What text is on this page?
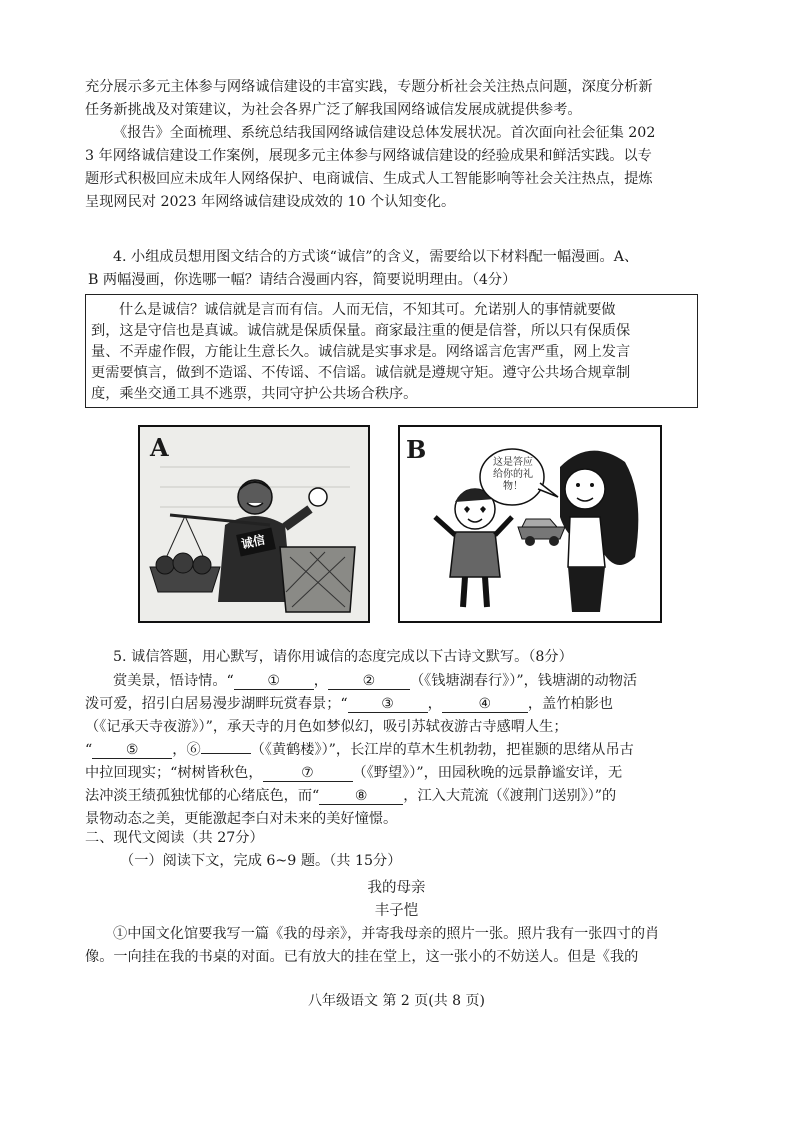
充分展示多元主体参与网络诚信建设的丰富实践，专题分析社会关注热点问题，深度分析新
任务新挑战及对策建议，为社会各界广泛了解我国网络诚信发展成就提供参考。
《报告》全面梳理、系统总结我国网络诚信建设总体发展状况。首次面向社会征集 202
3 年网络诚信建设工作案例，展现多元主体参与网络诚信建设的经验成果和鲜活实践。以专
题形式积极回应未成年人网络保护、电商诚信、生成式人工智能影响等社会关注热点，提炼
呈现网民对 2023 年网络诚信建设成效的 10 个认知变化。
4. 小组成员想用图文结合的方式谈“诚信”的含义，需要给以下材料配一幅漫画。A、
B 两幅漫画，你选哪一幅？请结合漫画内容，简要说明理由。（4分）
什么是诚信？诚信就是言而有信。人而无信，不知其可。允诺别人的事情就要做
到，这是守信也是真诚。诚信就是保质保量。商家最注重的便是信誉，所以只有保质保
量、不弄虚作假，方能让生意长久。诚信就是实事求是。网络谣言危害严重，网上发言
更需要慎言，做到不造谣、不传谣、不信谣。诚信就是遵规守矩。遵守公共场合规章制
度，乘坐交通工具不逃票，共同守护公共场合秩序。
A
诚信
B	这是答应给你的礼物！
5. 诚信答题，用心默写，请你用诚信的态度完成以下古诗文默写。（8分）
赏美景，悟诗情。“ ① ， ② （《钱塘湖春行》）”，钱塘湖的动物活
泼可爱，招引白居易漫步湖畔玩赏春景；“ ③ ，	④	，盖竹柏影也
（《记承天寺夜游》）”，承天寺的月色如梦似幻，吸引苏轼夜游古寺感喟人生；
“ ⑤ ，⑥	（《黄鹤楼》）”，长江岸的草木生机勃勃，把崔颢的思绪从吊古
中拉回现实；“树树皆秋色，	⑦	（《野望》）”，田园秋晚的远景静谧安详，无
法冲淡王绩孤独忧郁的心绪底色，而“	⑧	，江入大荒流（《渡荆门送别》）”的
景物动态之美，更能激起李白对未来的美好憧憬。
二、现代文阅读（共 27分）
（一）阅读下文，完成 6~9 题。（共 15分）
我的母亲
丰子恺
①中国文化馆要我写一篇《我的母亲》，并寄我母亲的照片一张。照片我有一张四寸的肖
像。一向挂在我的书桌的对面。已有放大的挂在堂上，这一张小的不妨送人。但是《我的
八年级语文 第 2 页(共 8 页)
